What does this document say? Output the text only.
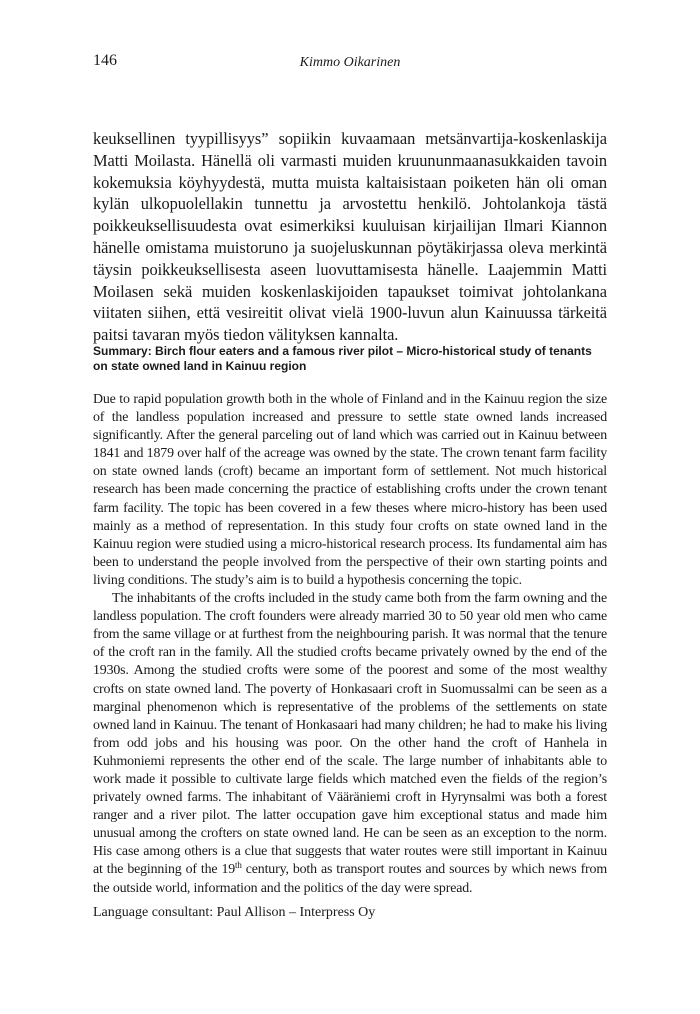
146	Kimmo Oikarinen

keuksellinen tyypillisyys” sopiikin kuvaamaan metsänvartija-koskenlaskija Matti Moilasta. Hänellä oli varmasti muiden kruununmaanasukkaiden tavoin kokemuksia köyhyydestä, mutta muista kaltaisistaan poiketen hän oli oman kylän ulkopuolellakin tunnettu ja arvostettu henkilö. Johtolankoja tästä poikkeuksellisuudesta ovat esimerkiksi kuuluisan kirjailijan Ilmari Kiannon hänelle omistama muistoruno ja suojeluskunnan pöytäkirjassa oleva merkintä täysin poikkeuksellisesta aseen luovuttamisesta hänelle. Laajemmin Matti Moilasen sekä muiden koskenlaskijoiden tapaukset toimivat johtolankana viitaten siihen, että vesireitit olivat vielä 1900-luvun alun Kainuussa tärkeitä paitsi tavaran myös tiedon välityksen kannalta.

Summary: Birch flour eaters and a famous river pilot – Micro-historical study of tenants on state owned land in Kainuu region

Due to rapid population growth both in the whole of Finland and in the Kainuu region the size of the landless population increased and pressure to settle state owned lands increased significantly. After the general parceling out of land which was carried out in Kainuu between 1841 and 1879 over half of the acreage was owned by the state. The crown tenant farm facility on state owned lands (croft) became an important form of settlement. Not much historical research has been made concerning the practice of establishing crofts under the crown tenant farm facility. The topic has been covered in a few theses where micro-history has been used mainly as a method of representation. In this study four crofts on state owned land in the Kainuu region were studied using a micro-historical research process. Its fundamental aim has been to understand the people involved from the perspective of their own starting points and living conditions. The study’s aim is to build a hypothesis concerning the topic.

The inhabitants of the crofts included in the study came both from the farm owning and the landless population. The croft founders were already married 30 to 50 year old men who came from the same village or at furthest from the neighbouring parish. It was normal that the tenure of the croft ran in the family. All the studied crofts became privately owned by the end of the 1930s. Among the studied crofts were some of the poorest and some of the most wealthy crofts on state owned land. The poverty of Honkasaari croft in Suomussalmi can be seen as a marginal phenomenon which is representative of the problems of the settlements on state owned land in Kainuu. The tenant of Honkasaari had many children; he had to make his living from odd jobs and his housing was poor. On the other hand the croft of Hanhela in Kuhmoniemi represents the other end of the scale. The large number of inhabitants able to work made it possible to cultivate large fields which matched even the fields of the region’s privately owned farms. The inhabitant of Vääräniemi croft in Hyrynsalmi was both a forest ranger and a river pilot. The latter occupation gave him exceptional status and made him unusual among the crofters on state owned land. He can be seen as an exception to the norm. His case among others is a clue that suggests that water routes were still important in Kainuu at the beginning of the 19th century, both as transport routes and sources by which news from the outside world, information and the politics of the day were spread.

Language consultant: Paul Allison – Interpress Oy
